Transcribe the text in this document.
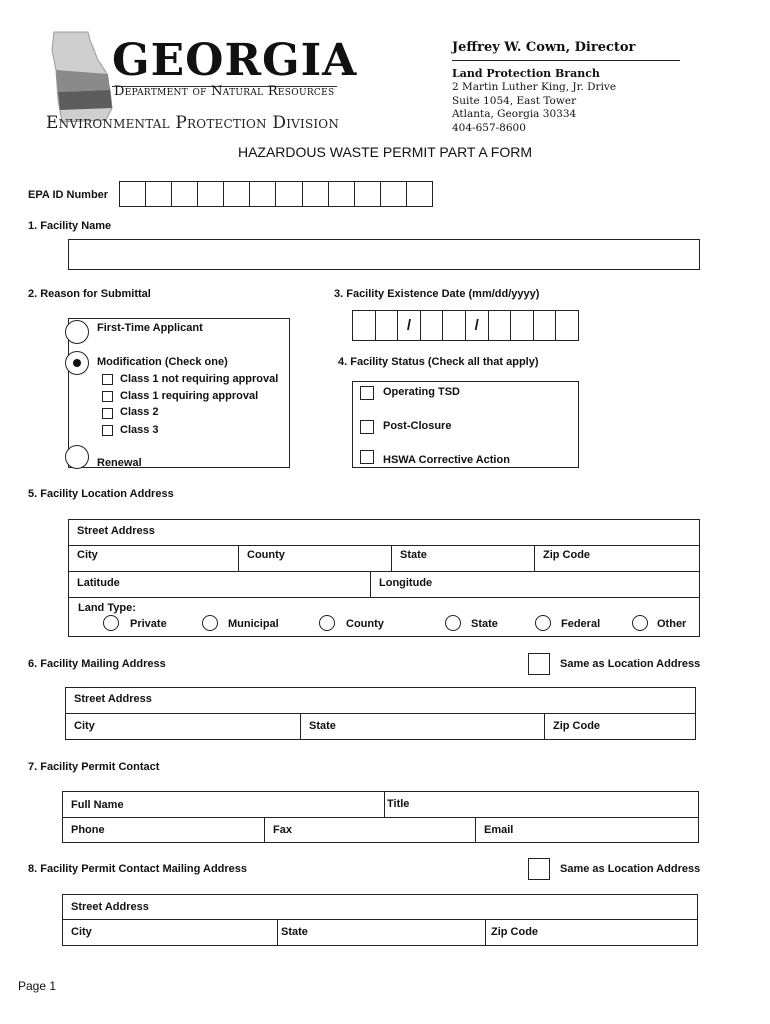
GEORGIA
Department of Natural Resources
Environmental Protection Division
Jeffrey W. Cown, Director
Land Protection Branch
2 Martin Luther King, Jr. Drive
Suite 1054, East Tower
Atlanta, Georgia 30334
404-657-8600
HAZARDOUS WASTE PERMIT PART A FORM
EPA ID Number
1. Facility Name
2. Reason for Submittal
First-Time Applicant
Modification (Check one)
Class 1 not requiring approval
Class 1 requiring approval
Class 2
Class 3
Renewal
3. Facility Existence Date (mm/dd/yyyy)
/	/
4. Facility Status (Check all that apply)
Operating TSD
Post-Closure
HSWA Corrective Action
5. Facility Location Address
Street Address
City	County	State	Zip Code
Latitude	Longitude
Land Type:
Private	Municipal	County	State	Federal	Other
6. Facility Mailing Address	Same as Location Address
Street Address
City	State	Zip Code
7. Facility Permit Contact
Full Name	Title
Phone	Fax	Email
8. Facility Permit Contact Mailing Address	Same as Location Address
Street Address
City	State	Zip Code
Page 1
